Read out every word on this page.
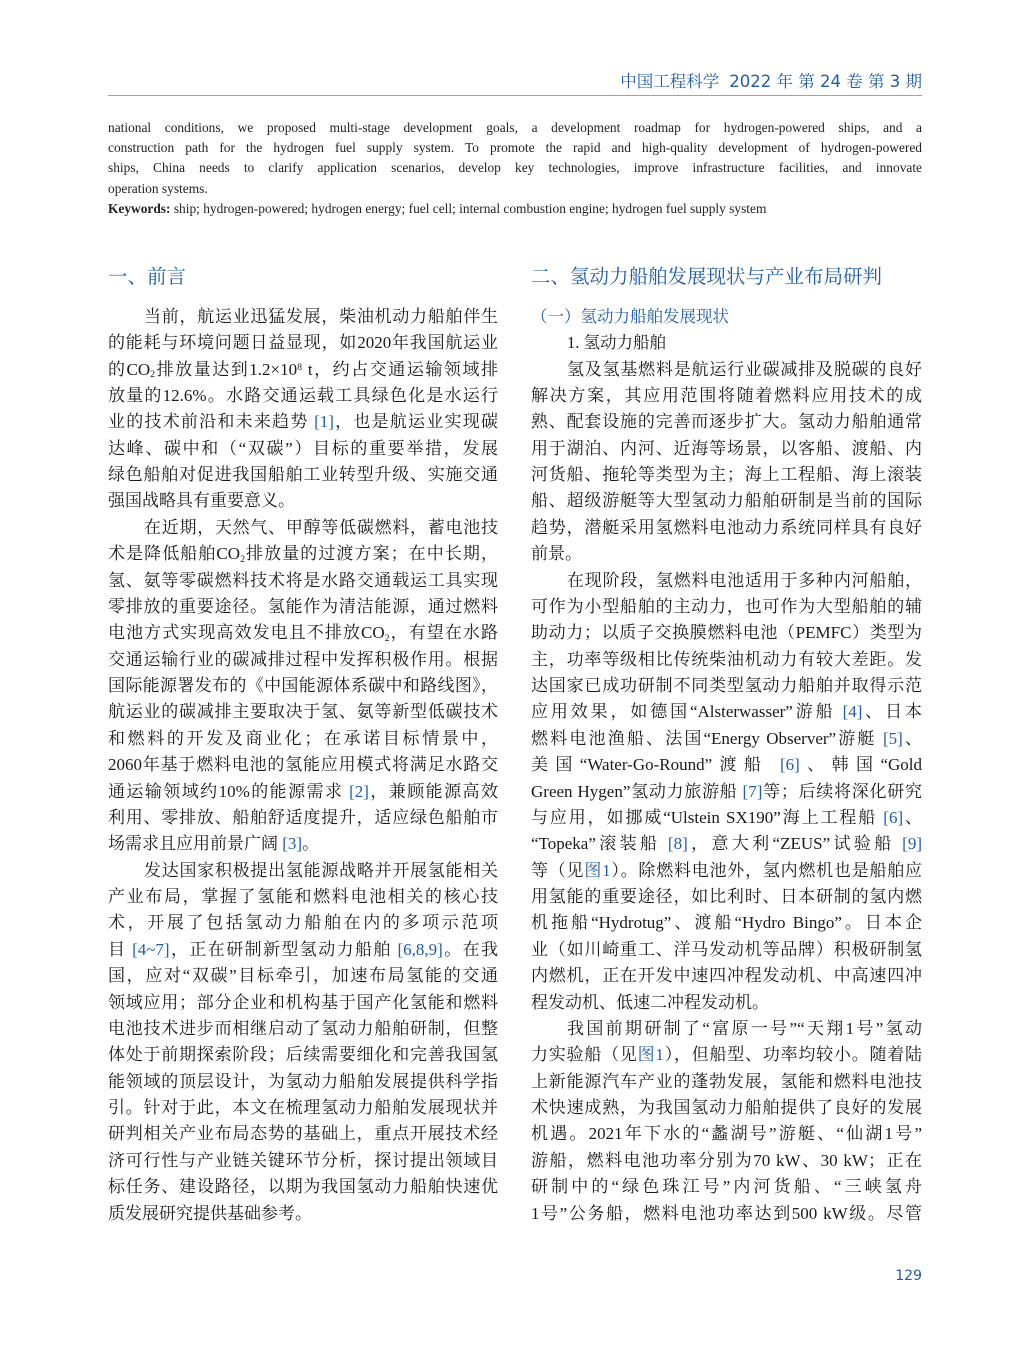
中国工程科学 2022 年 第 24 卷 第 3 期
national conditions, we proposed multi-stage development goals, a development roadmap for hydrogen-powered ships, and a
construction path for the hydrogen fuel supply system. To promote the rapid and high-quality development of hydrogen-powered
ships, China needs to clarify application scenarios, develop key technologies, improve infrastructure facilities, and innovate
operation systems.
Keywords: ship; hydrogen-powered; hydrogen energy; fuel cell; internal combustion engine; hydrogen fuel supply system
一、前言
当前，航运业迅猛发展，柴油机动力船舶伴生
的能耗与环境问题日益显现，如2020年我国航运业
的$CO_2$排放量达到$1.2\times 10^8$ t，约占交通运输领域排
放量的12.6%。水路交通运载工具绿色化是水运行
业的技术前沿和未来趋势 [1]，也是航运业实现碳
达峰、碳中和（“双碳”）目标的重要举措，发展
绿色船舶对促进我国船舶工业转型升级、实施交通
强国战略具有重要意义。
在近期，天然气、甲醇等低碳燃料，蓄电池技
术是降低船舶$CO_2$排放量的过渡方案；在中长期，
氢、氨等零碳燃料技术将是水路交通载运工具实现
零排放的重要途径。氢能作为清洁能源，通过燃料
电池方式实现高效发电且不排放$CO_2$，有望在水路
交通运输行业的碳减排过程中发挥积极作用。根据
国际能源署发布的《中国能源体系碳中和路线图》，
航运业的碳减排主要取决于氢、氨等新型低碳技术
和燃料的开发及商业化；在承诺目标情景中，
2060年基于燃料电池的氢能应用模式将满足水路交
通运输领域约10%的能源需求 [2]，兼顾能源高效
利用、零排放、船舶舒适度提升，适应绿色船舶市
场需求且应用前景广阔 [3]。
发达国家积极提出氢能源战略并开展氢能相关
产业布局，掌握了氢能和燃料电池相关的核心技
术，开展了包括氢动力船舶在内的多项示范项
目 [4~7]，正在研制新型氢动力船舶 [6,8,9]。在我
国，应对“双碳”目标牵引，加速布局氢能的交通
领域应用；部分企业和机构基于国产化氢能和燃料
电池技术进步而相继启动了氢动力船舶研制，但整
体处于前期探索阶段；后续需要细化和完善我国氢
能领域的顶层设计，为氢动力船舶发展提供科学指
引。针对于此，本文在梳理氢动力船舶发展现状并
研判相关产业布局态势的基础上，重点开展技术经
济可行性与产业链关键环节分析，探讨提出领域目
标任务、建设路径，以期为我国氢动力船舶快速优
质发展研究提供基础参考。
二、氢动力船舶发展现状与产业布局研判
（一）氢动力船舶发展现状
1. 氢动力船舶
氢及氢基燃料是航运行业碳减排及脱碳的良好
解决方案，其应用范围将随着燃料应用技术的成
熟、配套设施的完善而逐步扩大。氢动力船舶通常
用于湖泊、内河、近海等场景，以客船、渡船、内
河货船、拖轮等类型为主；海上工程船、海上滚装
船、超级游艇等大型氢动力船舶研制是当前的国际
趋势，潜艇采用氢燃料电池动力系统同样具有良好
前景。
在现阶段，氢燃料电池适用于多种内河船舶，
可作为小型船舶的主动力，也可作为大型船舶的辅
助动力；以质子交换膜燃料电池（PEMFC）类型为
主，功率等级相比传统柴油机动力有较大差距。发
达国家已成功研制不同类型氢动力船舶并取得示范
应用效果，如德国“Alsterwasser”游船 [4]、日本
燃料电池渔船、法国“Energy Observer”游艇 [5]、
美国“Water-Go-Round”渡船 [6]、韩国“Gold
Green Hygen”氢动力旅游船 [7]等；后续将深化研究
与应用，如挪威“Ulstein SX190”海上工程船 [6]、
“Topeka”滚装船 [8]，意大利“ZEUS”试验船 [9]
等（见图1）。除燃料电池外，氢内燃机也是船舶应
用氢能的重要途径，如比利时、日本研制的氢内燃
机拖船“Hydrotug”、渡船“Hydro Bingo”。日本企
业（如川崎重工、洋马发动机等品牌）积极研制氢
内燃机，正在开发中速四冲程发动机、中高速四冲
程发动机、低速二冲程发动机。
我国前期研制了“富原一号”“天翔1号”氢动
力实验船（见图1），但船型、功率均较小。随着陆
上新能源汽车产业的蓬勃发展，氢能和燃料电池技
术快速成熟，为我国氢动力船舶提供了良好的发展
机遇。2021年下水的“蠡湖号”游艇、“仙湖1号”
游船，燃料电池功率分别为70 kW、30 kW；正在
研制中的“绿色珠江号”内河货船、“三峡氢舟
1号”公务船，燃料电池功率达到500 kW级。尽管
129
